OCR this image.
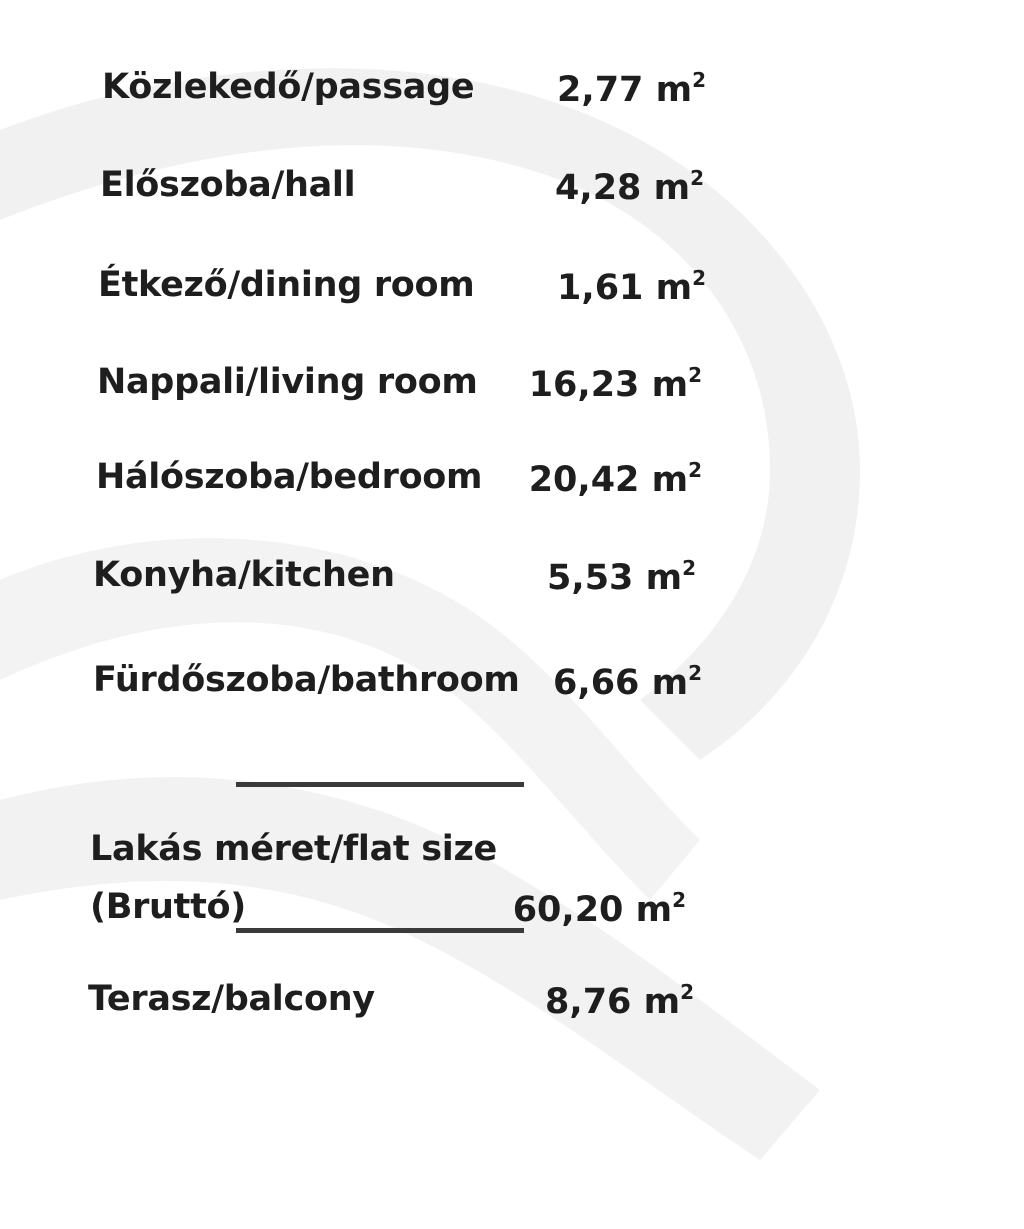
Közlekedő/passage 2,77 $m^2$
Előszoba/hall	4,28 $m^2$
Étkező/dining room 1,61 $m^2$
Nappali/living room 16,23 $m^2$
Hálószoba/bedroom 20,42 $m^2$
Konyha/kitchen	5,53 $m^2$
Fürdőszoba/bathroom 6,66 $m^2$
Lakás méret/flat size
(Bruttó)	60,20 $m^2$
Terasz/balcony	8,76 $m^2$
